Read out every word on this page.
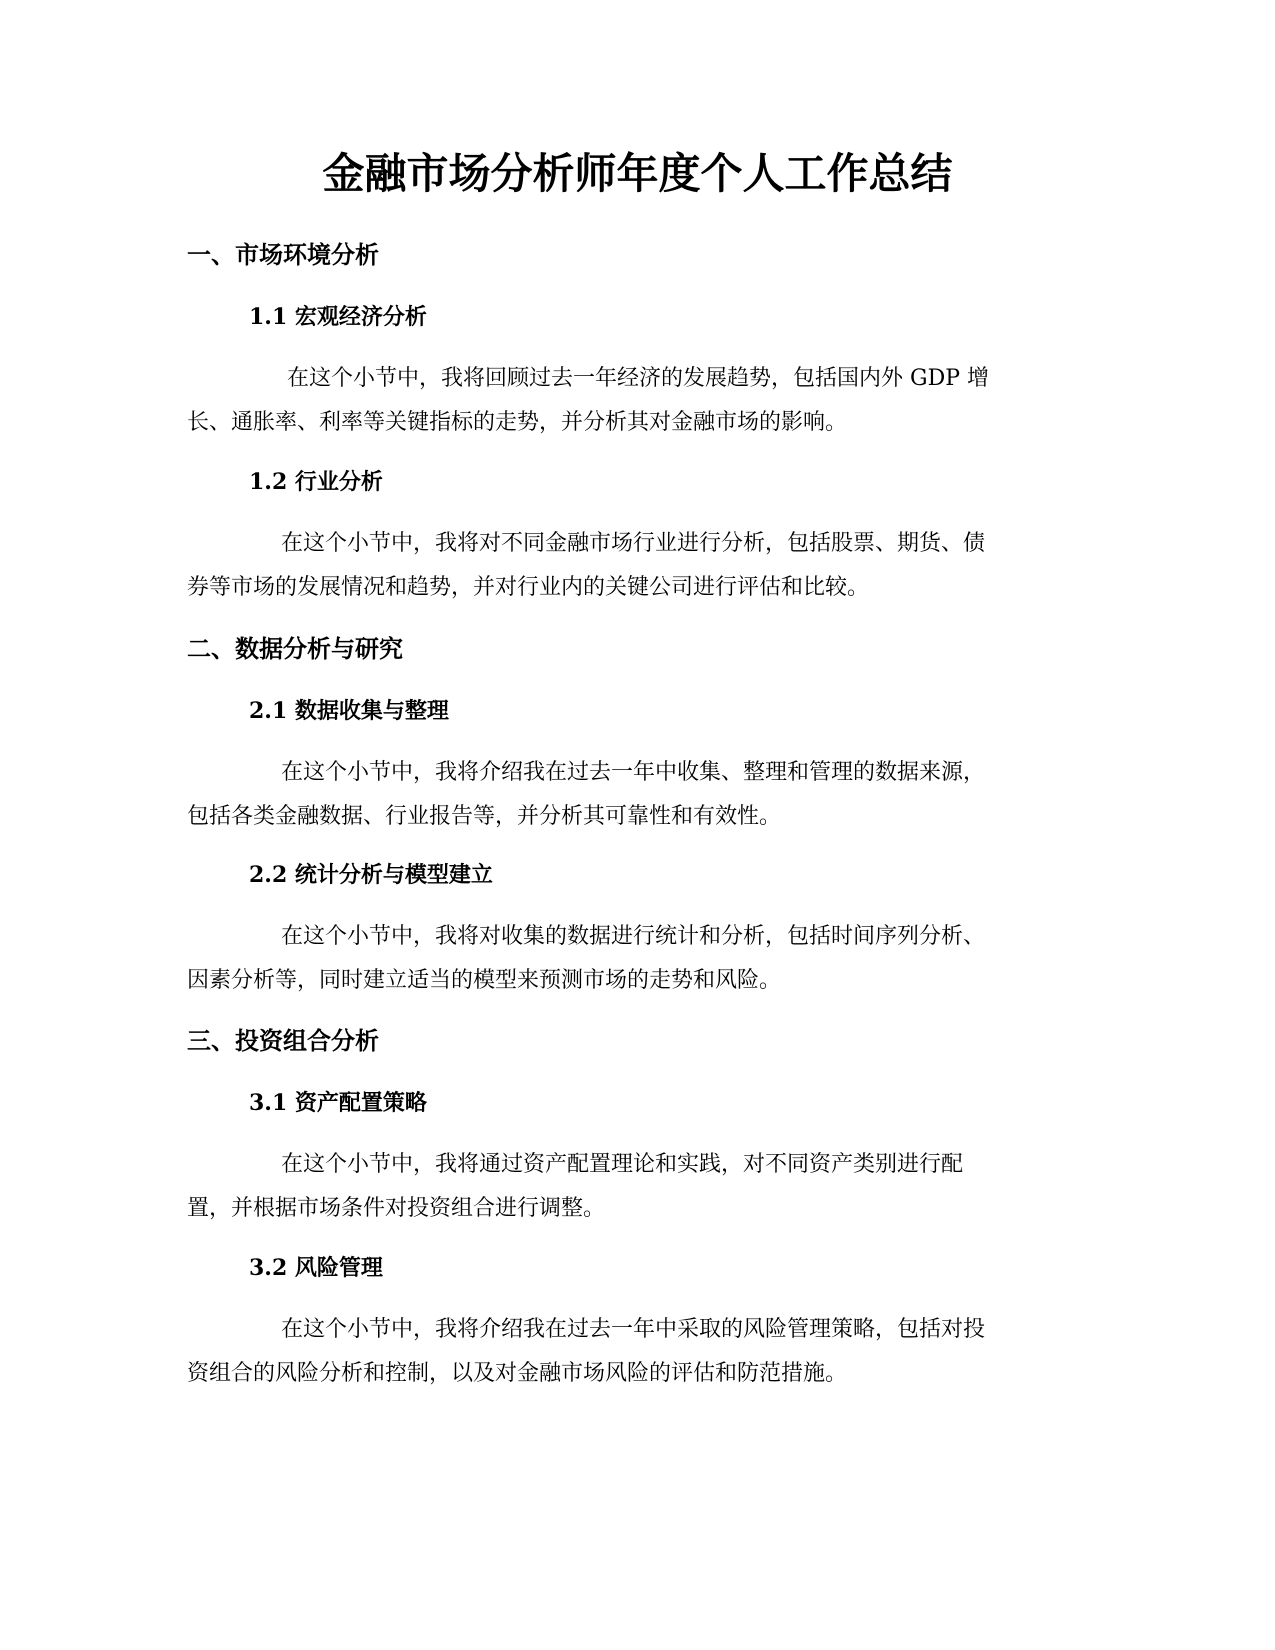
金融市场分析师年度个人工作总结
一、市场环境分析
1.1 宏观经济分析

在这个小节中，我将回顾过去一年经济的发展趋势，包括国内外 GDP 增
长、通胀率、利率等关键指标的走势，并分析其对金融市场的影响。

1.2 行业分析

在这个小节中，我将对不同金融市场行业进行分析，包括股票、期货、债
券等市场的发展情况和趋势，并对行业内的关键公司进行评估和比较。

二、数据分析与研究
2.1 数据收集与整理

在这个小节中，我将介绍我在过去一年中收集、整理和管理的数据来源，
包括各类金融数据、行业报告等，并分析其可靠性和有效性。

2.2 统计分析与模型建立

在这个小节中，我将对收集的数据进行统计和分析，包括时间序列分析、
因素分析等，同时建立适当的模型来预测市场的走势和风险。

三、投资组合分析
3.1 资产配置策略

在这个小节中，我将通过资产配置理论和实践，对不同资产类别进行配
置，并根据市场条件对投资组合进行调整。

3.2 风险管理

在这个小节中，我将介绍我在过去一年中采取的风险管理策略，包括对投
资组合的风险分析和控制，以及对金融市场风险的评估和防范措施。
